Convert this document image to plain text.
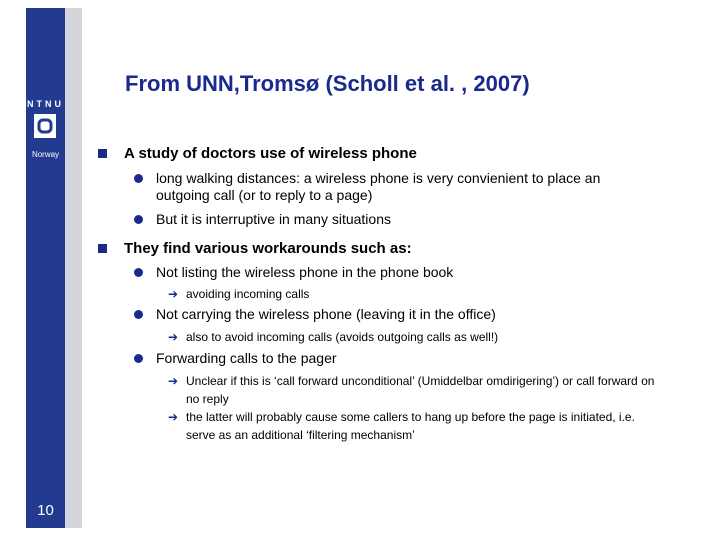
NTNU
Norway
10
From UNN,Tromsø (Scholl et al. , 2007)
A study of doctors use of wireless phone
long walking distances: a wireless phone is very convienient to place an outgoing call (or to reply to a page)
But it is interruptive in many situations
They find various workarounds such as:
Not listing the wireless phone in the phone book
➔ avoiding incoming calls
Not carrying the wireless phone (leaving it in the office)
➔ also to avoid incoming calls (avoids outgoing calls as well!)
Forwarding calls to the pager
➔ Unclear if this is ‘call forward unconditional’ (Umiddelbar omdirigering’) or call forward on no reply
➔ the latter will probably cause some callers to hang up before the page is initiated, i.e. serve as an additional ‘filtering mechanism’
